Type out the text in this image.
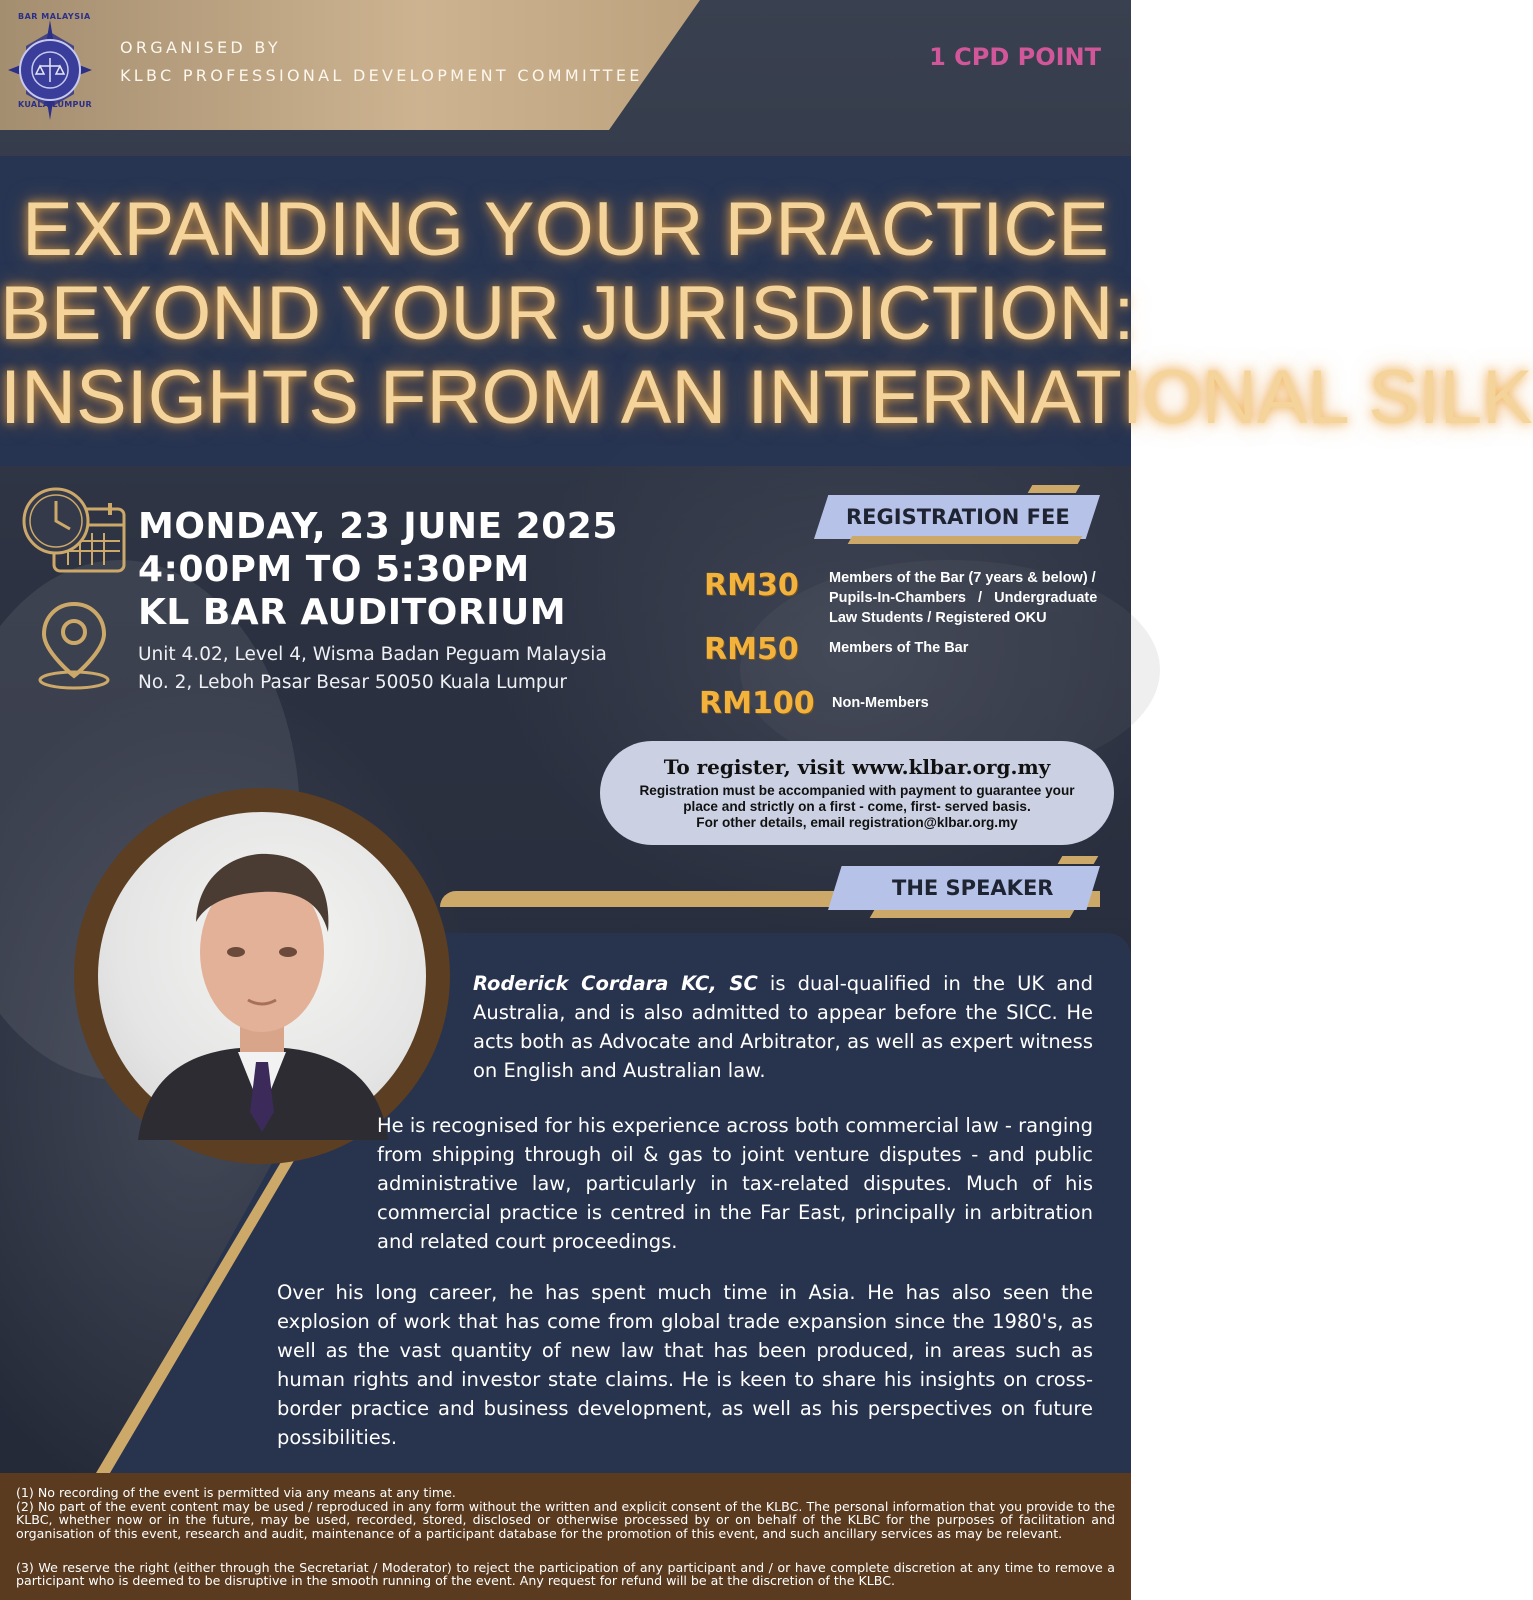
BAR MALAYSIA
KUALA LUMPUR
ORGANISED BY
KLBC PROFESSIONAL DEVELOPMENT COMMITTEE
1 CPD POINT
EXPANDING YOUR PRACTICE
BEYOND YOUR JURISDICTION:
INSIGHTS FROM AN INTERNATIONAL SILK
MONDAY, 23 JUNE 2025
4:00PM TO 5:30PM
KL BAR AUDITORIUM
Unit 4.02, Level 4, Wisma Badan Peguam Malaysia
No. 2, Leboh Pasar Besar 50050 Kuala Lumpur
REGISTRATION FEE
RM30 Members of the Bar (7 years & below) /
Pupils-In-Chambers   /   Undergraduate
Law Students / Registered OKU
RM50 Members of The Bar
RM100 Non-Members
To register, visit www.klbar.org.my
Registration must be accompanied with payment to guarantee your
place and strictly on a first - come, first- served basis.
For other details, email registration@klbar.org.my
THE SPEAKER
Roderick Cordara KC, SC is dual-qualified in the UK and Australia, and is also admitted to appear before the SICC. He acts both as Advocate and Arbitrator, as well as expert witness on English and Australian law.
He is recognised for his experience across both commercial law - ranging from shipping through oil & gas to joint venture disputes - and public administrative law, particularly in tax-related disputes. Much of his commercial practice is centred in the Far East, principally in arbitration and related court proceedings.
Over his long career, he has spent much time in Asia. He has also seen the explosion of work that has come from global trade expansion since the 1980's, as well as the vast quantity of new law that has been produced, in areas such as human rights and investor state claims. He is keen to share his insights on cross-border practice and business development, as well as his perspectives on future possibilities.
(1) No recording of the event is permitted via any means at any time.
(2) No part of the event content may be used / reproduced in any form without the written and explicit consent of the KLBC. The personal information that you provide to the KLBC, whether now or in the future, may be used, recorded, stored, disclosed or otherwise processed by or on behalf of the KLBC for the purposes of facilitation and organisation of this event, research and audit, maintenance of a participant database for the promotion of this event, and such ancillary services as may be relevant.
(3) We reserve the right (either through the Secretariat / Moderator) to reject the participation of any participant and / or have complete discretion at any time to remove a participant who is deemed to be disruptive in the smooth running of the event. Any request for refund will be at the discretion of the KLBC.
